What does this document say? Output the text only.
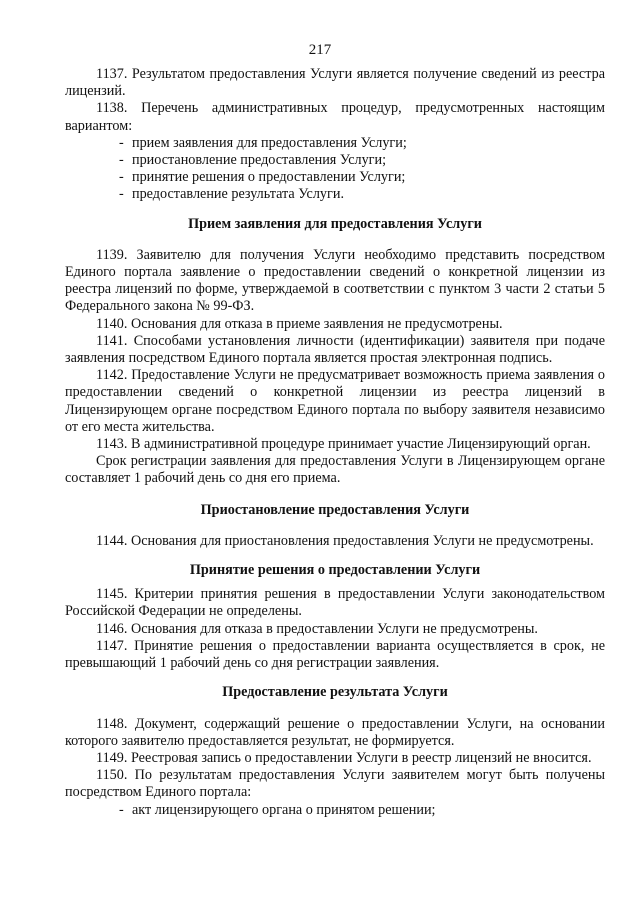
217

1137. Результатом предоставления Услуги является получение сведений из реестра лицензий.

1138. Перечень административных процедур, предусмотренных настоящим вариантом:

- прием заявления для предоставления Услуги;
- приостановление предоставления Услуги;
- принятие решения о предоставлении Услуги;
- предоставление результата Услуги.

Прием заявления для предоставления Услуги

1139. Заявителю для получения Услуги необходимо представить посредством Единого портала заявление о предоставлении сведений о конкретной лицензии из реестра лицензий по форме, утверждаемой в соответствии с пунктом 3 части 2 статьи 5 Федерального закона № 99-ФЗ.

1140. Основания для отказа в приеме заявления не предусмотрены.

1141. Способами установления личности (идентификации) заявителя при подаче заявления посредством Единого портала является простая электронная подпись.

1142. Предоставление Услуги не предусматривает возможность приема заявления о предоставлении сведений о конкретной лицензии из реестра лицензий в Лицензирующем органе посредством Единого портала по выбору заявителя независимо от его места жительства.

1143. В административной процедуре принимает участие Лицензирующий орган.

Срок регистрации заявления для предоставления Услуги в Лицензирующем органе составляет 1 рабочий день со дня его приема.

Приостановление предоставления Услуги

1144. Основания для приостановления предоставления Услуги не предусмотрены.

Принятие решения о предоставлении Услуги

1145. Критерии принятия решения в предоставлении Услуги законодательством Российской Федерации не определены.

1146. Основания для отказа в предоставлении Услуги не предусмотрены.

1147. Принятие решения о предоставлении варианта осуществляется в срок, не превышающий 1 рабочий день со дня регистрации заявления.

Предоставление результата Услуги

1148. Документ, содержащий решение о предоставлении Услуги, на основании которого заявителю предоставляется результат, не формируется.

1149. Реестровая запись о предоставлении Услуги в реестр лицензий не вносится.

1150. По результатам предоставления Услуги заявителем могут быть получены посредством Единого портала:

- акт лицензирующего органа о принятом решении;
